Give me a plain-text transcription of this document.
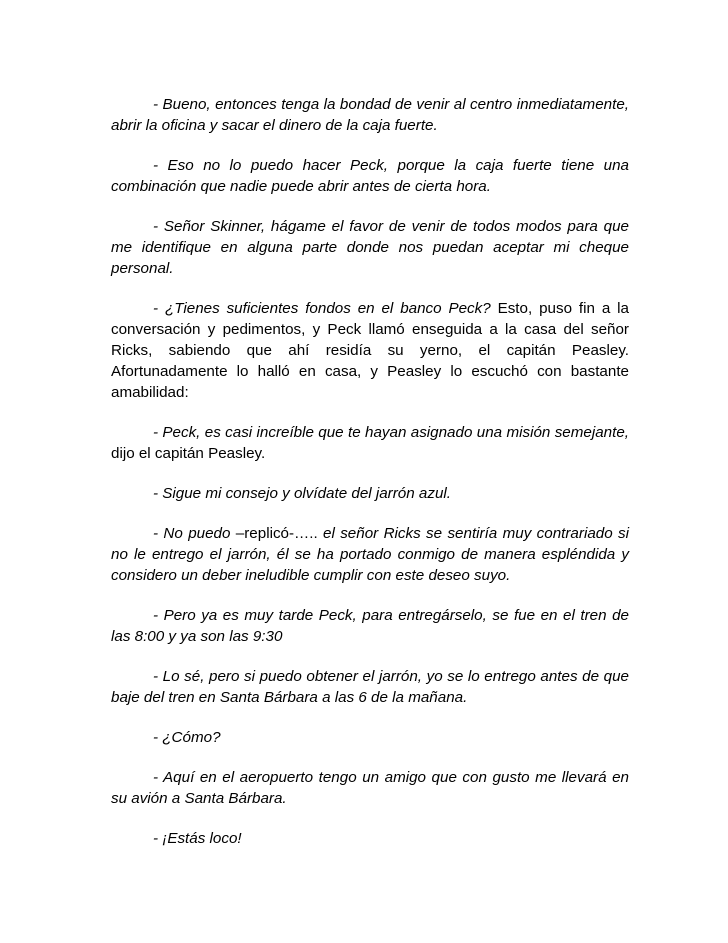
- Bueno, entonces tenga la bondad de venir al centro inmediatamente, abrir la oficina y sacar el dinero de la caja fuerte.

- Eso no lo puedo hacer Peck, porque la caja fuerte tiene una combinación que nadie puede abrir antes de cierta hora.

- Señor Skinner, hágame el favor de venir de todos modos para que me identifique en alguna parte donde nos puedan aceptar mi cheque personal.

- ¿Tienes suficientes fondos en el banco Peck? Esto, puso fin a la conversación y pedimentos, y Peck llamó enseguida a la casa del señor Ricks, sabiendo que ahí residía su yerno, el capitán Peasley. Afortunadamente lo halló en casa, y Peasley lo escuchó con bastante amabilidad:

- Peck, es casi increíble que te hayan asignado una misión semejante, dijo el capitán Peasley.

- Sigue mi consejo y olvídate del jarrón azul.

- No puedo –replicó-….. el señor Ricks se sentiría muy contrariado si no le entrego el jarrón, él se ha portado conmigo de manera espléndida y considero un deber ineludible cumplir con este deseo suyo.

- Pero ya es muy tarde Peck, para entregárselo, se fue en el tren de las 8:00 y ya son las 9:30

- Lo sé, pero si puedo obtener el jarrón, yo se lo entrego antes de que baje del tren en Santa Bárbara a las 6 de la mañana.

- ¿Cómo?

- Aquí en el aeropuerto tengo un amigo que con gusto me llevará en su avión a Santa Bárbara.

- ¡Estás loco!
